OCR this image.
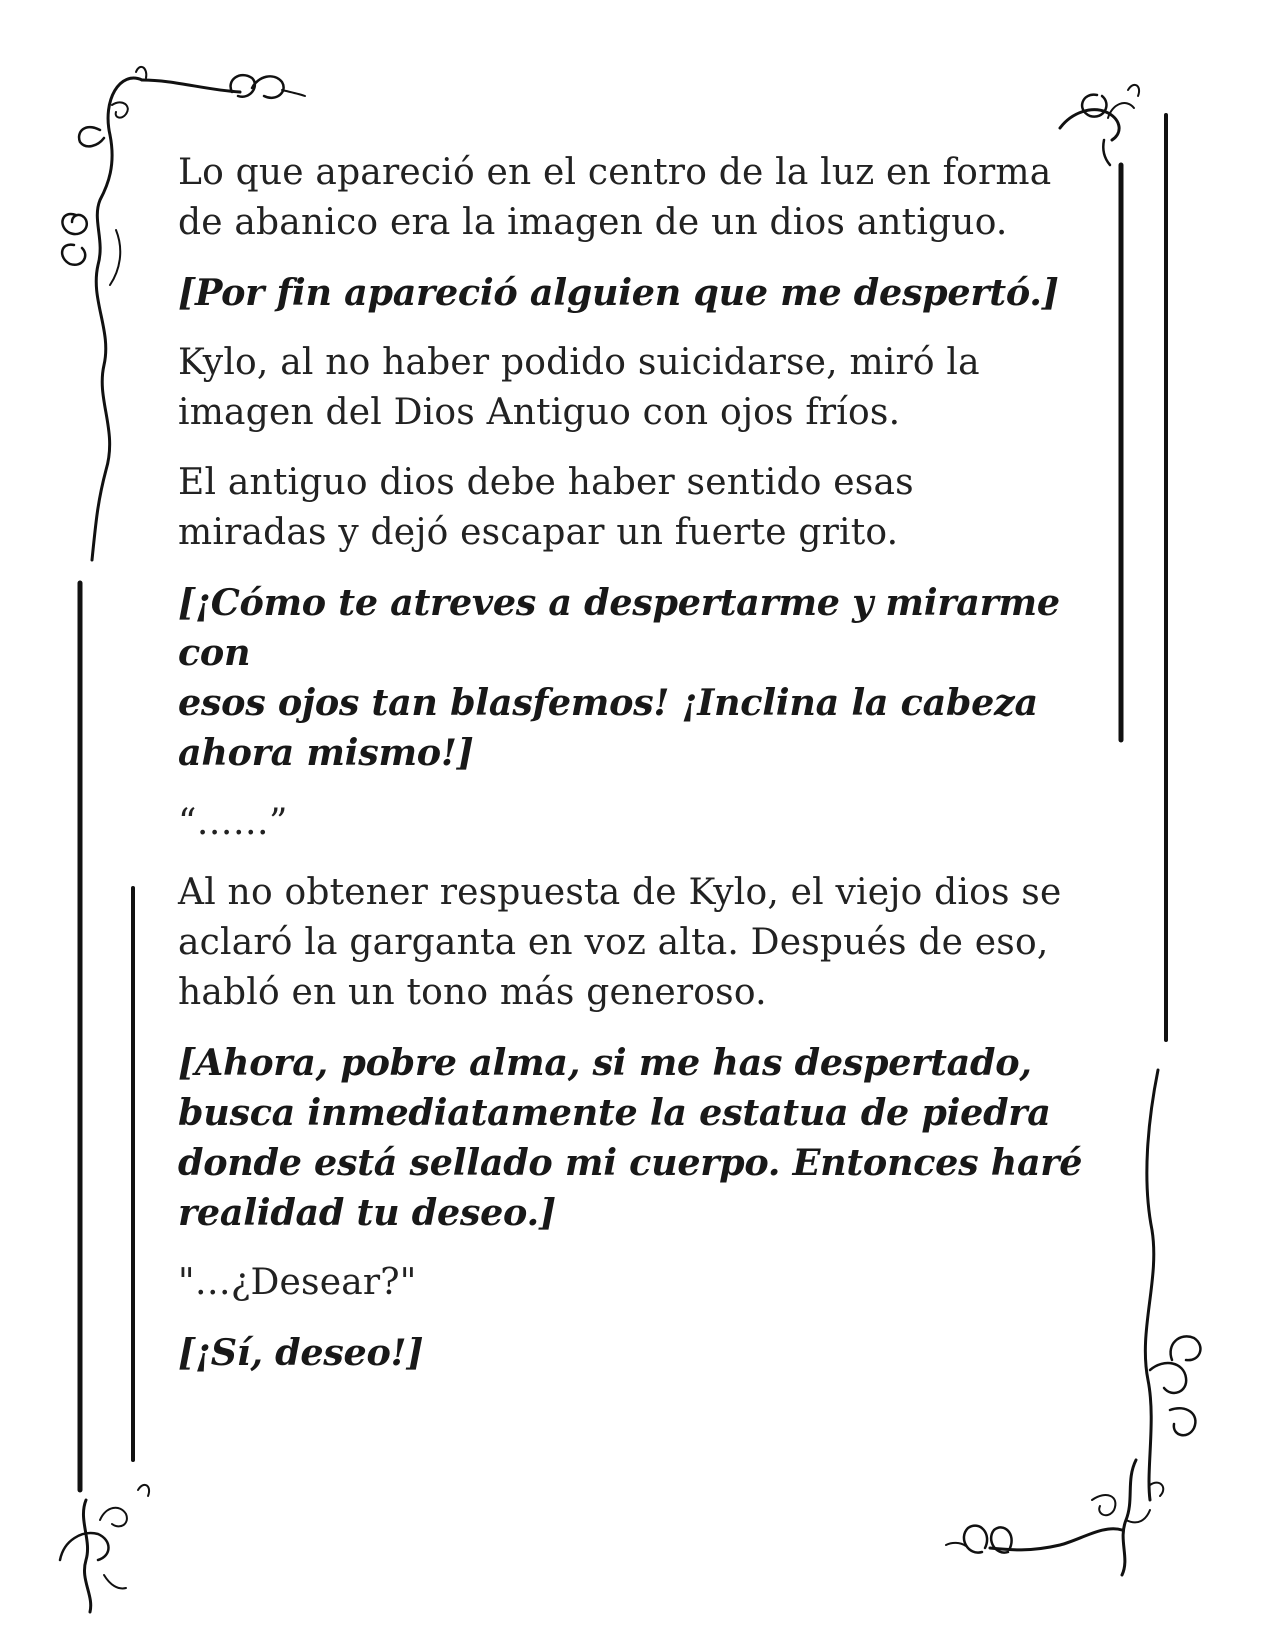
Lo que apareció en el centro de la luz en forma
de abanico era la imagen de un dios antiguo.

[Por fin apareció alguien que me despertó.]

Kylo, al no haber podido suicidarse, miró la
imagen del Dios Antiguo con ojos fríos.

El antiguo dios debe haber sentido esas
miradas y dejó escapar un fuerte grito.

[¡Cómo te atreves a despertarme y mirarme con
esos ojos tan blasfemos! ¡Inclina la cabeza
ahora mismo!]

“……”

Al no obtener respuesta de Kylo, el viejo dios se
aclaró la garganta en voz alta. Después de eso,
habló en un tono más generoso.

[Ahora, pobre alma, si me has despertado,
busca inmediatamente la estatua de piedra
donde está sellado mi cuerpo. Entonces haré
realidad tu deseo.]

"…¿Desear?"

[¡Sí, deseo!]
